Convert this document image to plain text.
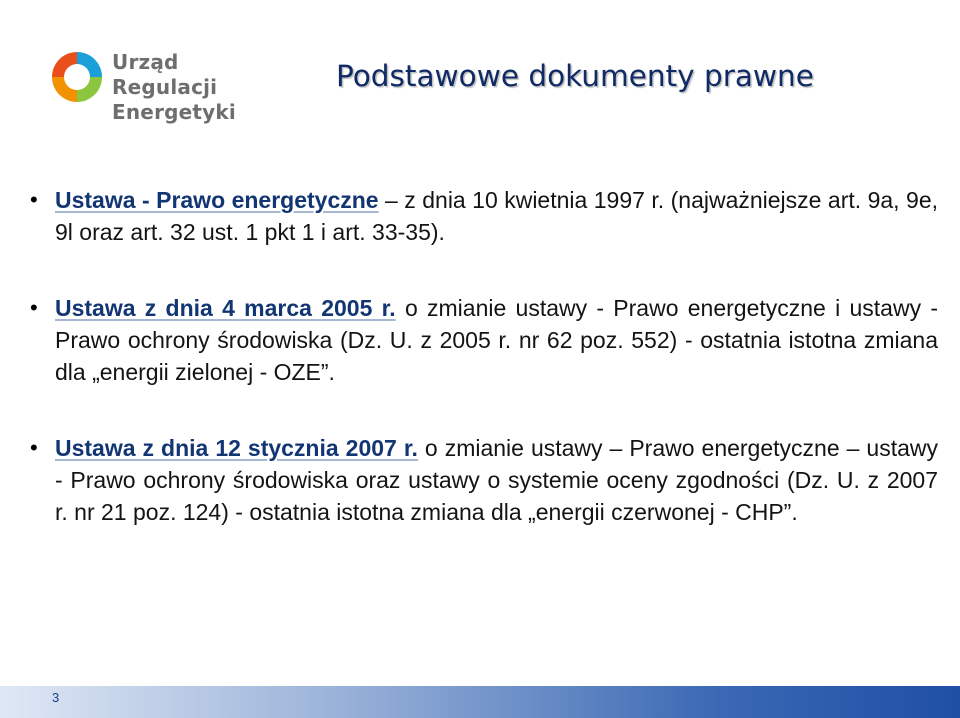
Urząd Regulacji
Energetyki
Podstawowe dokumenty prawne

• Ustawa - Prawo energetyczne – z dnia 10 kwietnia 1997 r. (najważniejsze art. 9a, 9e, 9l oraz art. 32 ust. 1 pkt 1 i art. 33-35).

• Ustawa z dnia 4 marca 2005 r. o zmianie ustawy - Prawo energetyczne i ustawy - Prawo ochrony środowiska (Dz. U. z 2005 r. nr 62 poz. 552) - ostatnia istotna zmiana dla „energii zielonej - OZE”.

• Ustawa z dnia 12 stycznia 2007 r. o zmianie ustawy – Prawo energetyczne – ustawy - Prawo ochrony środowiska oraz ustawy o systemie oceny zgodności (Dz. U. z 2007 r. nr 21 poz. 124) - ostatnia istotna zmiana dla „energii czerwonej - CHP”.

3
